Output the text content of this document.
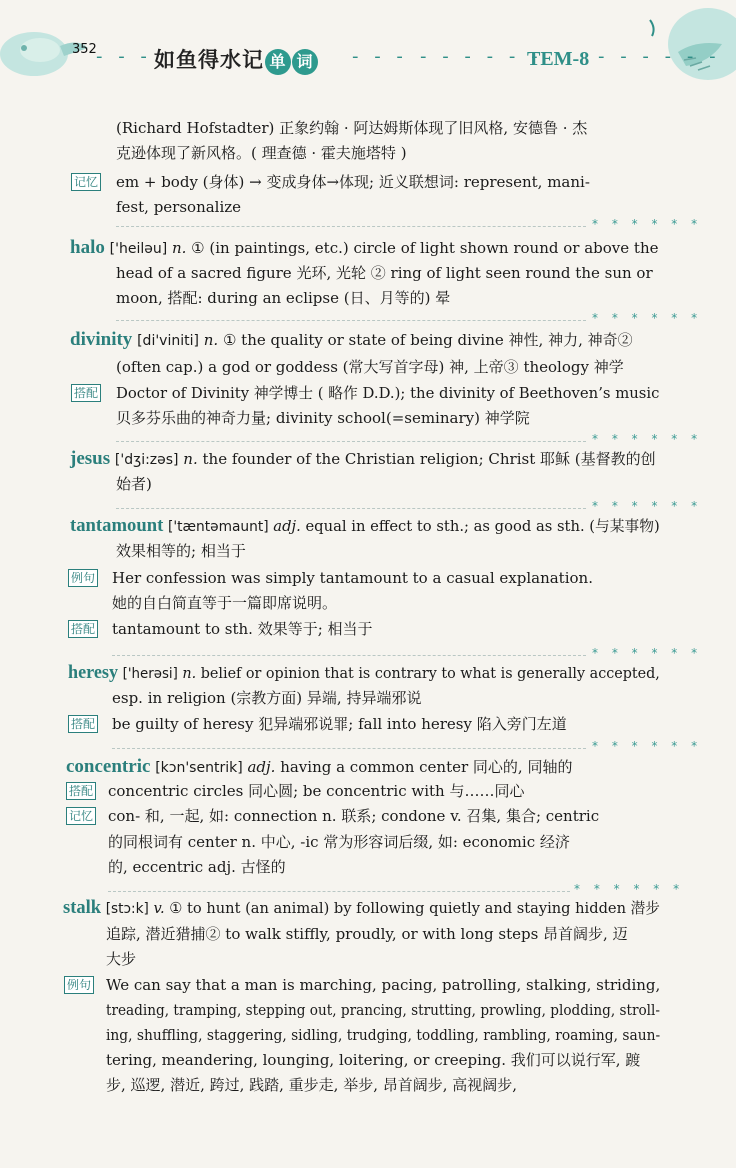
352 - - - 如鱼得水记 单 词 - - - - - - - - -
TEM-8 - - - - - -
(Richard Hofstadter) 正象约翰 · 阿达姆斯体现了旧风格, 安德鲁 · 杰
克逊体现了新风格。( 理查德 · 霍夫施塔特 )
记忆 em + body (身体) → 变成身体→体现; 近义联想词: represent, mani-
fest, personalize
* * * * * *
halo ['heiləu] n. ① (in paintings, etc.) circle of light shown round or above the
head of a sacred figure 光环, 光轮 ② ring of light seen round the sun or
moon, 搭配: during an eclipse (日、月等的) 晕
* * * * * *
divinity [di'viniti] n. ① the quality or state of being divine 神性, 神力, 神奇②
(often cap.) a god or goddess (常大写首字母) 神, 上帝③ theology 神学
搭配 Doctor of Divinity 神学博士 ( 略作 D.D.); the divinity of Beethoven’s music
贝多芬乐曲的神奇力量; divinity school(=seminary) 神学院
* * * * * *
jesus ['dʒi:zəs] n. the founder of the Christian religion; Christ 耶稣 (基督教的创
始者)
* * * * * *
tantamount ['tæntəmaunt] adj. equal in effect to sth.; as good as sth. (与某事物)
效果相等的; 相当于
例句 Her confession was simply tantamount to a casual explanation.
她的自白简直等于一篇即席说明。
搭配 tantamount to sth. 效果等于; 相当于
* * * * * *
heresy ['herəsi] n. belief or opinion that is contrary to what is generally accepted,
esp. in religion (宗教方面) 异端, 持异端邪说
搭配 be guilty of heresy 犯异端邪说罪; fall into heresy 陷入旁门左道
* * * * * *
concentric [kɔn'sentrik] adj. having a common center 同心的, 同轴的
搭配 concentric circles 同心圆; be concentric with 与……同心
记忆 con- 和, 一起, 如: connection n. 联系; condone v. 召集, 集合; centric
的同根词有 center n. 中心, -ic 常为形容词后缀, 如: economic 经济
的, eccentric adj. 古怪的
* * * * * *
stalk [stɔ:k] v. ① to hunt (an animal) by following quietly and staying hidden 潜步
追踪, 潜近猎捕② to walk stiffly, proudly, or with long steps 昂首阔步, 迈
大步
例句 We can say that a man is marching, pacing, patrolling, stalking, striding,
treading, tramping, stepping out, prancing, strutting, prowling, plodding, stroll-
ing, shuffling, staggering, sidling, trudging, toddling, rambling, roaming, saun-
tering, meandering, lounging, loitering, or creeping. 我们可以说行军, 踱
步, 巡逻, 潜近, 跨过, 践踏, 重步走, 举步, 昂首阔步, 高视阔步,
